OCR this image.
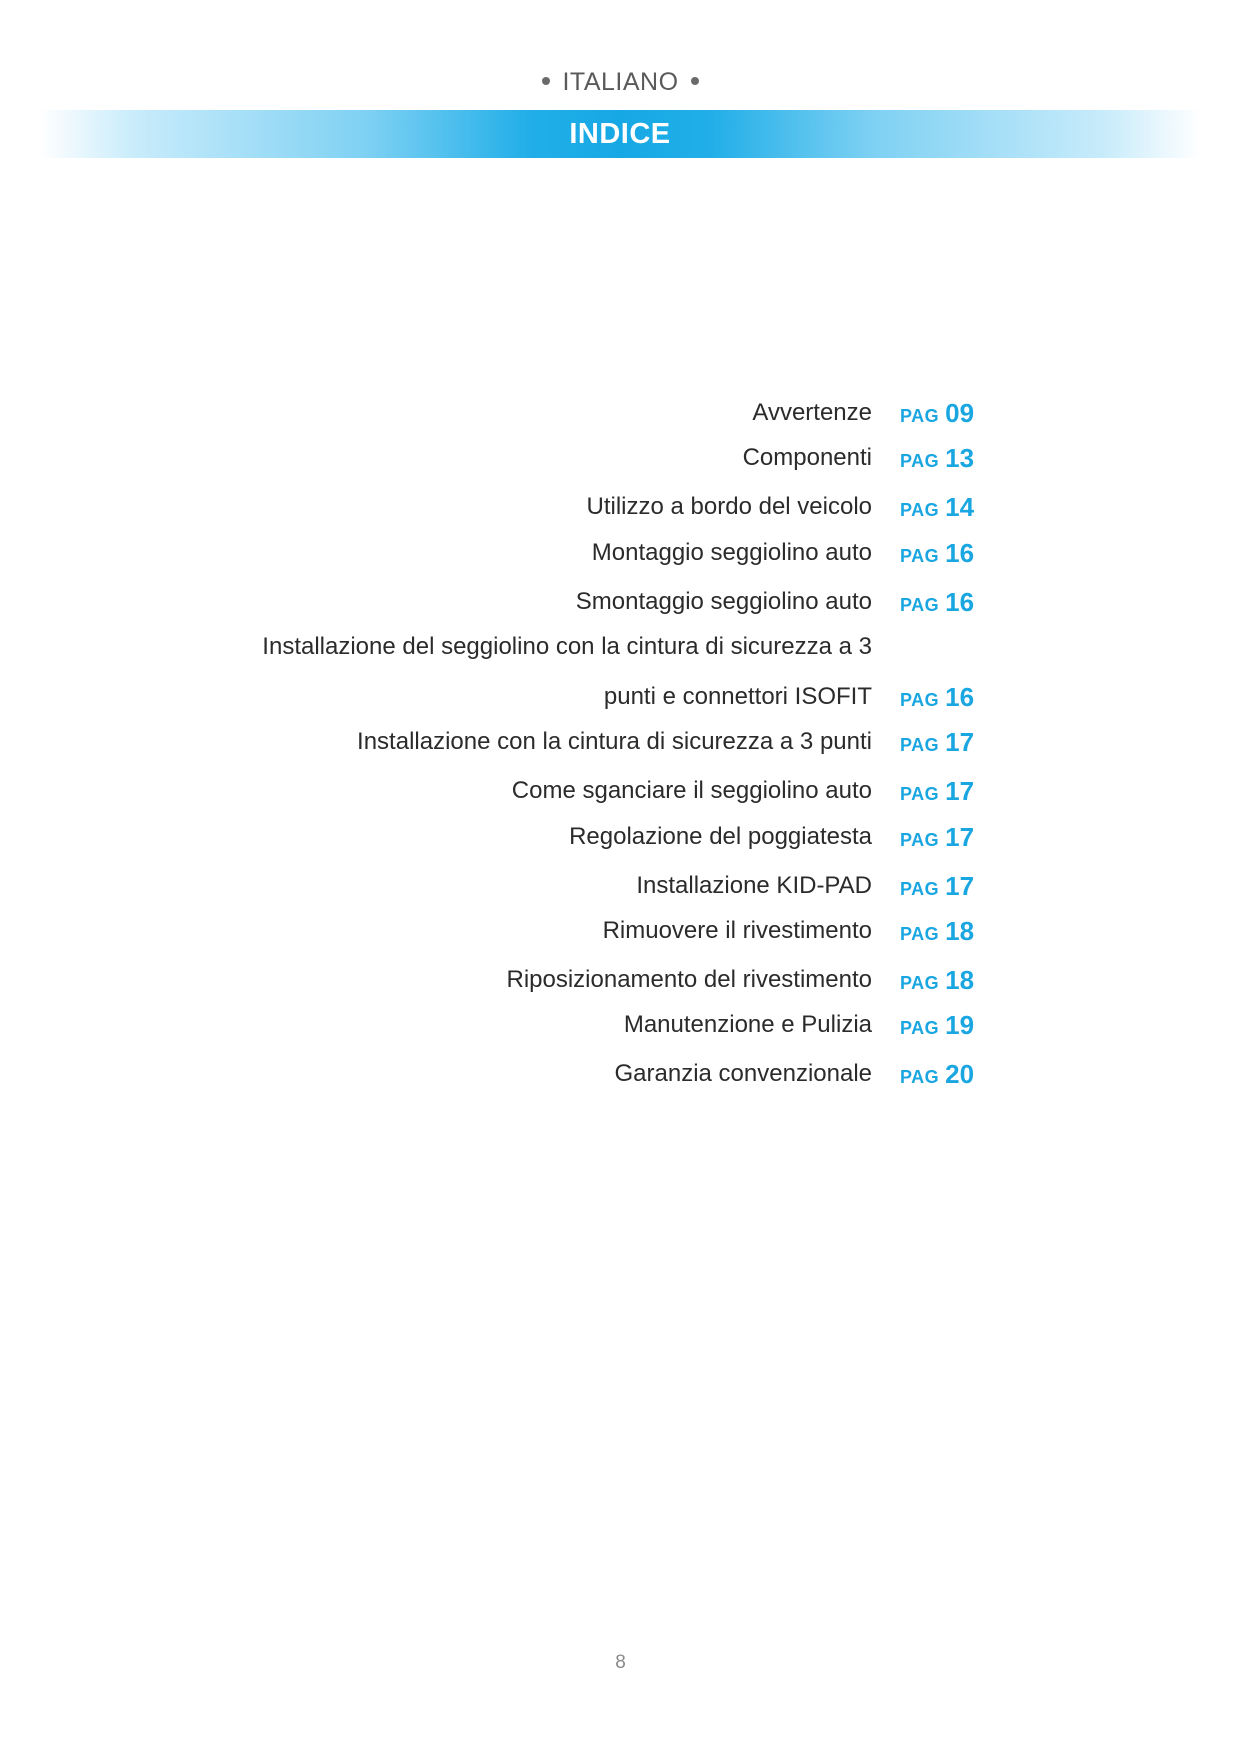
ITALIANO
INDICE
Avvertenze PAG 09
Componenti PAG 13
Utilizzo a bordo del veicolo PAG 14
Montaggio seggiolino auto PAG 16
Smontaggio seggiolino auto PAG 16
Installazione del seggiolino con la cintura di sicurezza a 3
punti e connettori ISOFIT PAG 16
Installazione con la cintura di sicurezza a 3 punti PAG 17
Come sganciare il seggiolino auto PAG 17
Regolazione del poggiatesta PAG 17
Installazione KID-PAD PAG 17
Rimuovere il rivestimento PAG 18
Riposizionamento del rivestimento PAG 18
Manutenzione e Pulizia PAG 19
Garanzia convenzionale PAG 20
8
